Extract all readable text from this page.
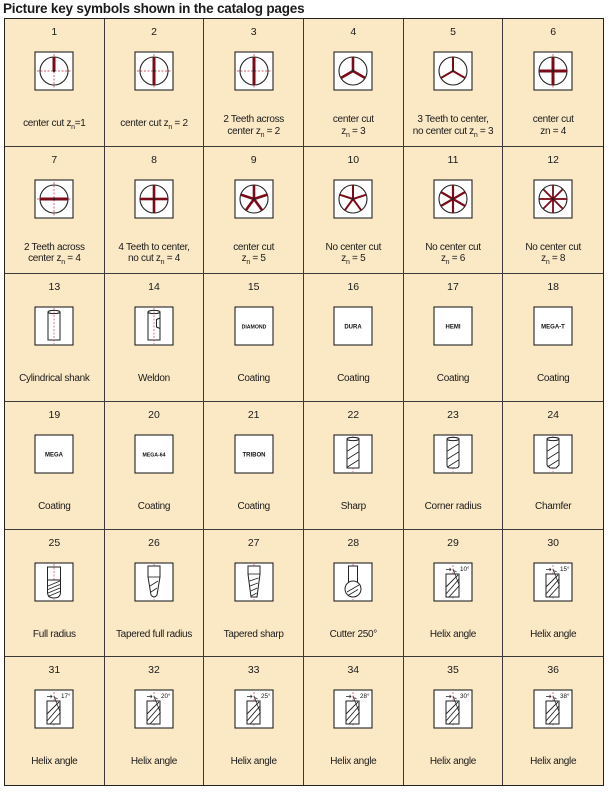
Picture key symbols shown in the catalog pages
1
center cut $z_n=1$
2
center cut $z_n = 2$
3
2 Teeth across
center $z_n = 2$
4
center cut
$z_n = 3$
5
3 Teeth to center,
no center cut $z_n = 3$
6
center cut
zn = 4
7
2 Teeth across
center $z_n = 4$
8
4 Teeth to center,
no cut $z_n = 4$
9
center cut
$z_n = 5$
10
No center cut
$z_n = 5$
11
No center cut
$z_n = 6$
12
No center cut
$z_n = 8$
13
Cylindrical shank
14
Weldon
15
DIAMOND
Coating
16
DURA
Coating
17
HEMI
Coating
18
MEGA-T
Coating
19
MEGA
Coating
20
MEGA-64
Coating
21
TRIBON
Coating
22
Sharp
23
Corner radius
24
Chamfer
25
Full radius
26
Tapered full radius
27
Tapered sharp
28
Cutter 250°
29
10°
Helix angle
30
15°
Helix angle
31
17°
Helix angle
32
20°
Helix angle
33
25°
Helix angle
34
28°
Helix angle
35
30°
Helix angle
36
38°
Helix angle
